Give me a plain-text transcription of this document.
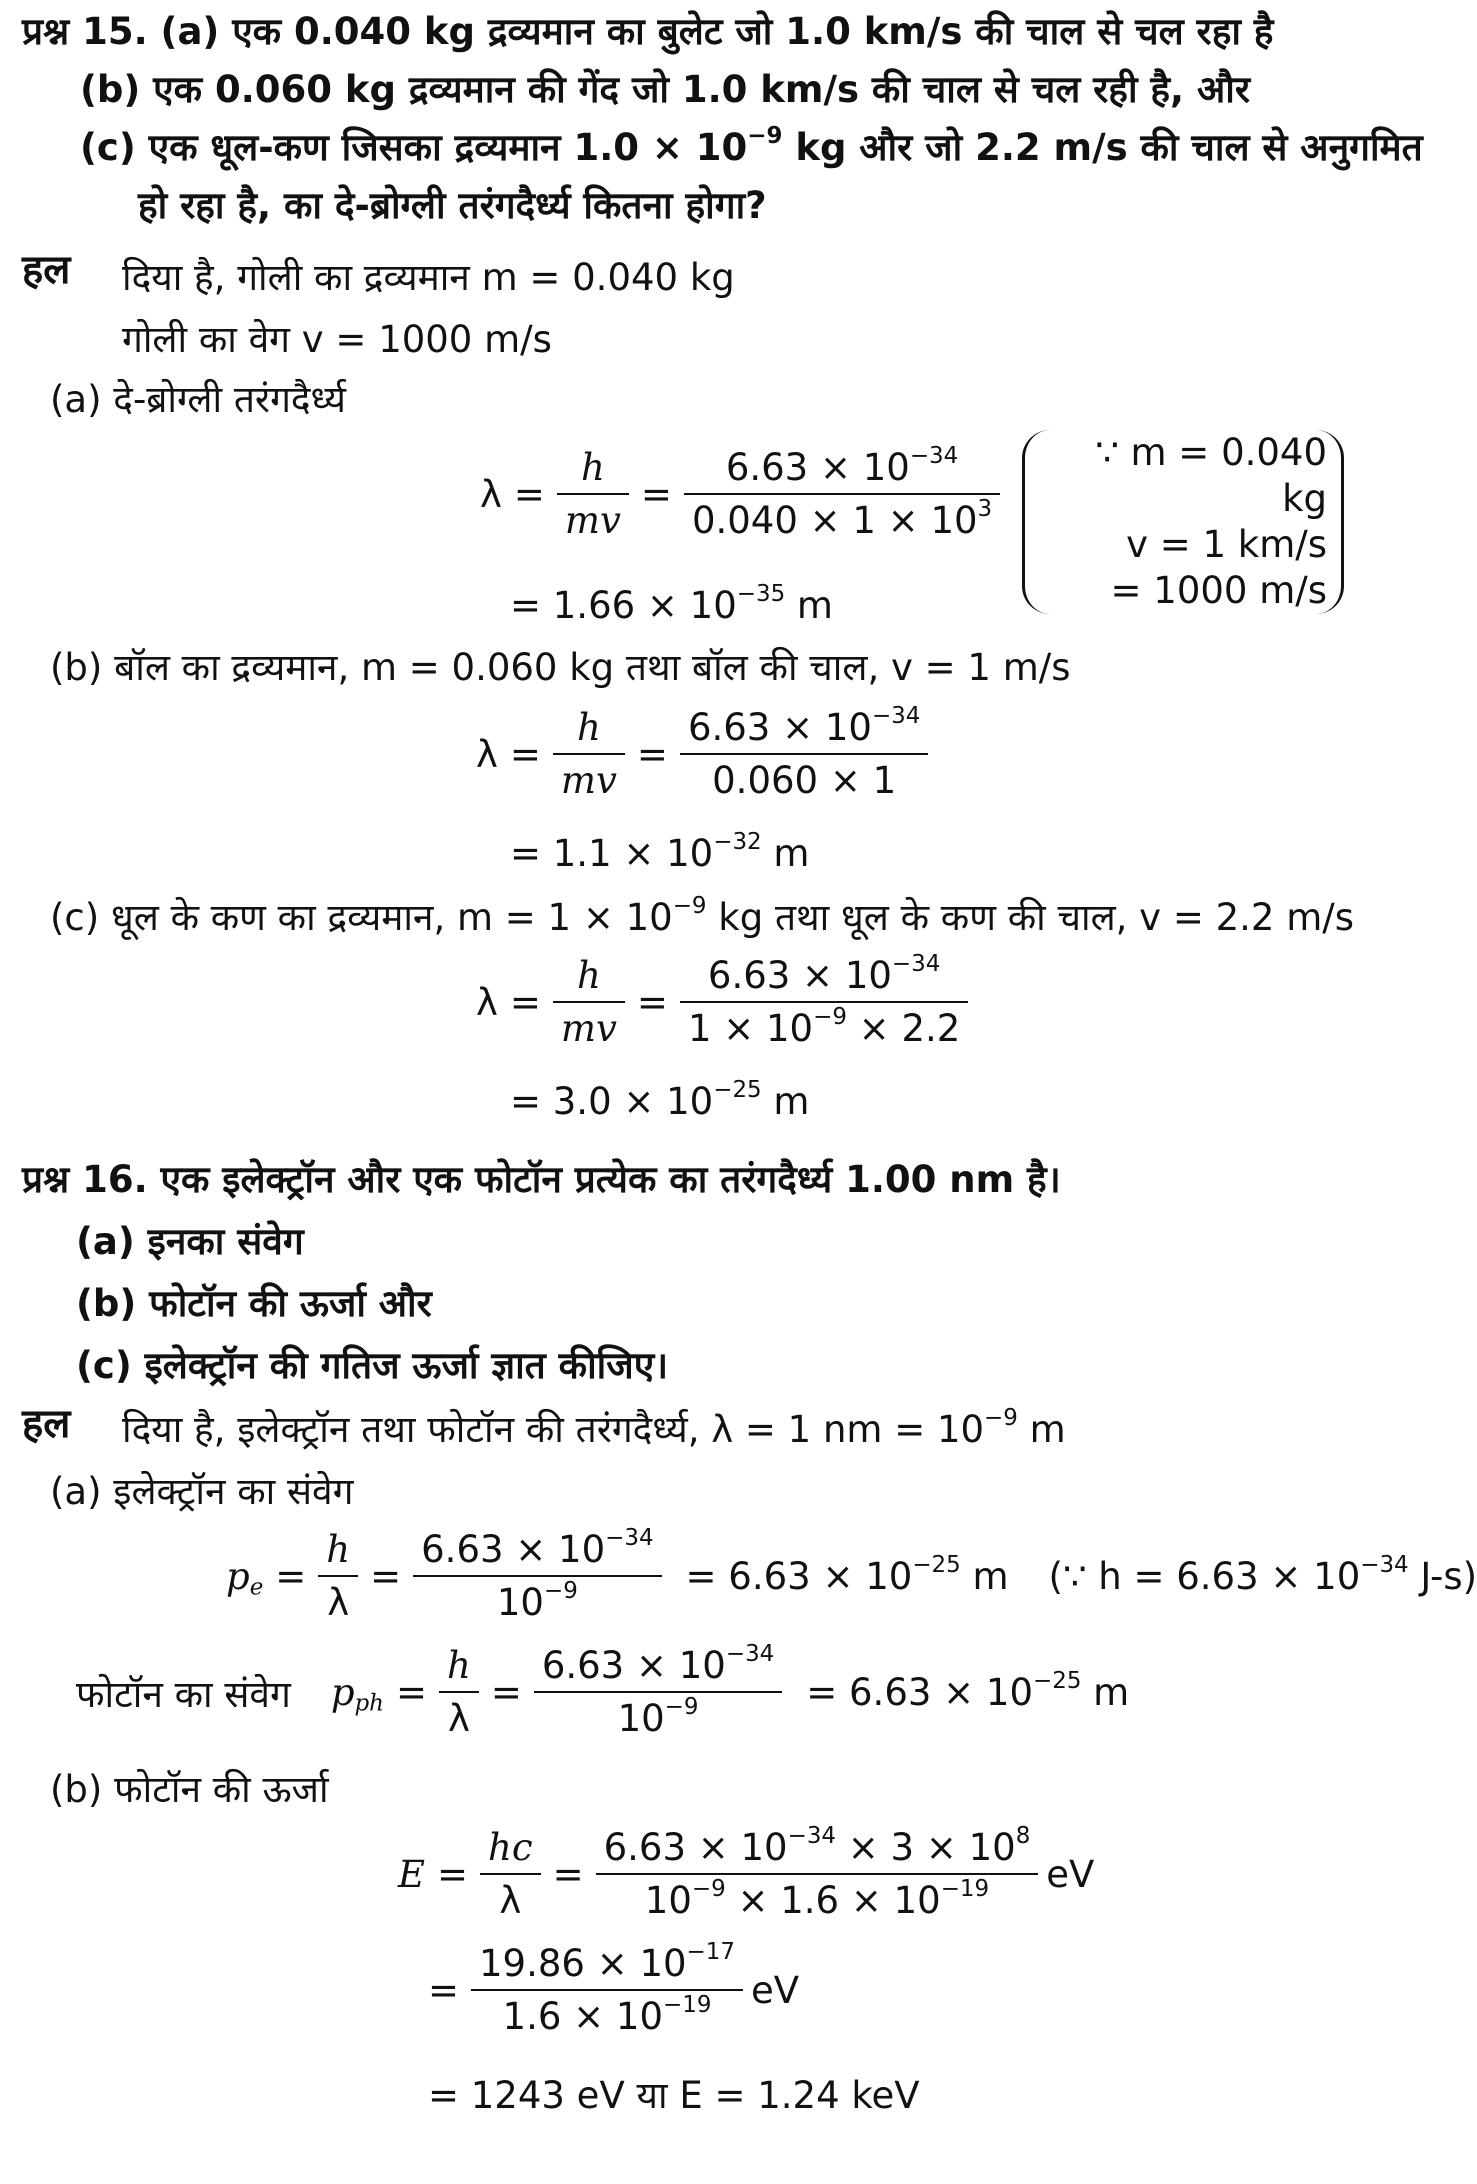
प्रश्न 15. (a) एक 0.040 kg द्रव्यमान का बुलेट जो 1.0 km/s की चाल से चल रहा है
(b) एक 0.060 kg द्रव्यमान की गेंद जो 1.0 km/s की चाल से चल रही है, और
(c) एक धूल-कण जिसका द्रव्यमान $1.0 \times 10^{-9}$ kg और जो 2.2 m/s की चाल से अनुगमित
हो रहा है, का दे-ब्रोग्ली तरंगदैर्ध्य कितना होगा?
हल दिया है, गोली का द्रव्यमान m = 0.040 kg
गोली का वेग v = 1000 m/s
(a) दे-ब्रोग्ली तरंगदैर्ध्य
$\lambda = \frac{h}{mv} = \frac{6.63 \times 10^{-34}}{0.040 \times 1 \times 10^3}$	∵ m = 0.040 kg
v = 1 km/s
= 1000 m/s
= $1.66 \times 10^{-35}$ m
(b) बॉल का द्रव्यमान, m = 0.060 kg तथा बॉल की चाल, v = 1 m/s
$\lambda = \frac{h}{mv} = \frac{6.63 \times 10^{-34}}{0.060 \times 1}$
= $1.1 \times 10^{-32}$ m
(c) धूल के कण का द्रव्यमान, $m = 1 \times 10^{-9}$ kg तथा धूल के कण की चाल, v = 2.2 m/s
$\lambda = \frac{h}{mv} = \frac{6.63 \times 10^{-34}}{1 \times 10^{-9} \times 2.2}$
= $3.0 \times 10^{-25}$ m
प्रश्न 16. एक इलेक्ट्रॉन और एक फोटॉन प्रत्येक का तरंगदैर्ध्य 1.00 nm है।
(a) इनका संवेग
(b) फोटॉन की ऊर्जा और
(c) इलेक्ट्रॉन की गतिज ऊर्जा ज्ञात कीजिए।
हल दिया है, इलेक्ट्रॉन तथा फोटॉन की तरंगदैर्ध्य, λ = 1 nm = $10^{-9}$ m
(a) इलेक्ट्रॉन का संवेग
$p_e = \frac{h}{\lambda} = \frac{6.63 \times 10^{-34}}{10^{-9}} = 6.63 \times 10^{-25}$ m (∵ $h = 6.63 \times 10^{-34}$ J-s)
फोटॉन का संवेग $p_{ph} = \frac{h}{\lambda} = \frac{6.63 \times 10^{-34}}{10^{-9}} = 6.63 \times 10^{-25}$ m
(b) फोटॉन की ऊर्जा
$E = \frac{hc}{\lambda} = \frac{6.63 \times 10^{-34} \times 3 \times 10^8}{10^{-9} \times 1.6 \times 10^{-19}}$ eV
= $\frac{19.86 \times 10^{-17}}{1.6 \times 10^{-19}}$ eV
= 1243 eV या E = 1.24 keV
